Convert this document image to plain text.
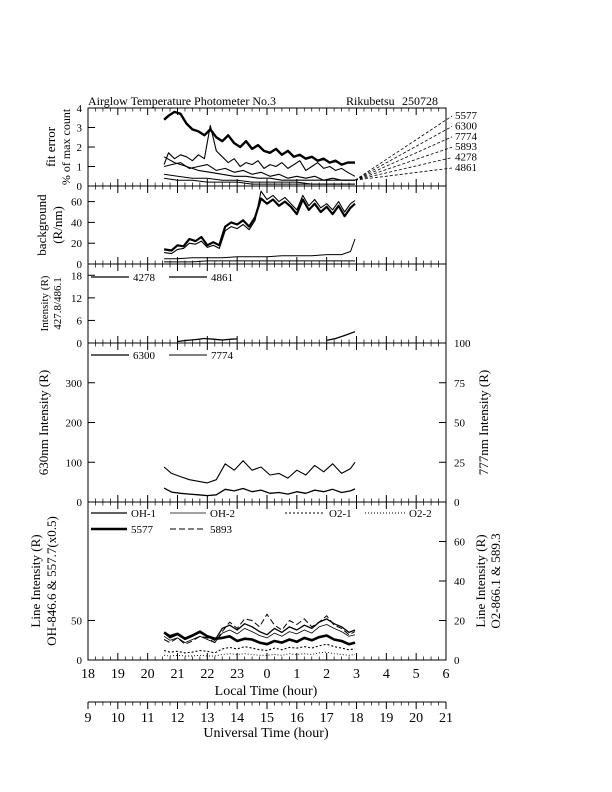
Airglow Temperature Photometer No.3	Rikubetsu 250728
0
1
2
3
4
fit error % of max count	5577
6300
7774
5893
4278
4861
0
20
40
60
background (R/nm)
0
6
12
18
Intensity (R) 427.8/486.1	4278	4861
0
100
200
300
0
25
50
75
100
630nm Intensity (R)	777nm Intensity (R)
6300	7774
0
50
0
20
40
60
Line Intensity (R) OH-846.6 & 557.7(x0.5)	Line Intensity (R) O2-866.1 & 589.3
OH-1	OH-2	O2-1	O2-2
5577	5893
18 19 20 21 22 23 0 1 2 3 4 5 6
9 10 11 12 13 14 15 16 17 18 19 20 21
Local Time (hour)
Universal Time (hour)
